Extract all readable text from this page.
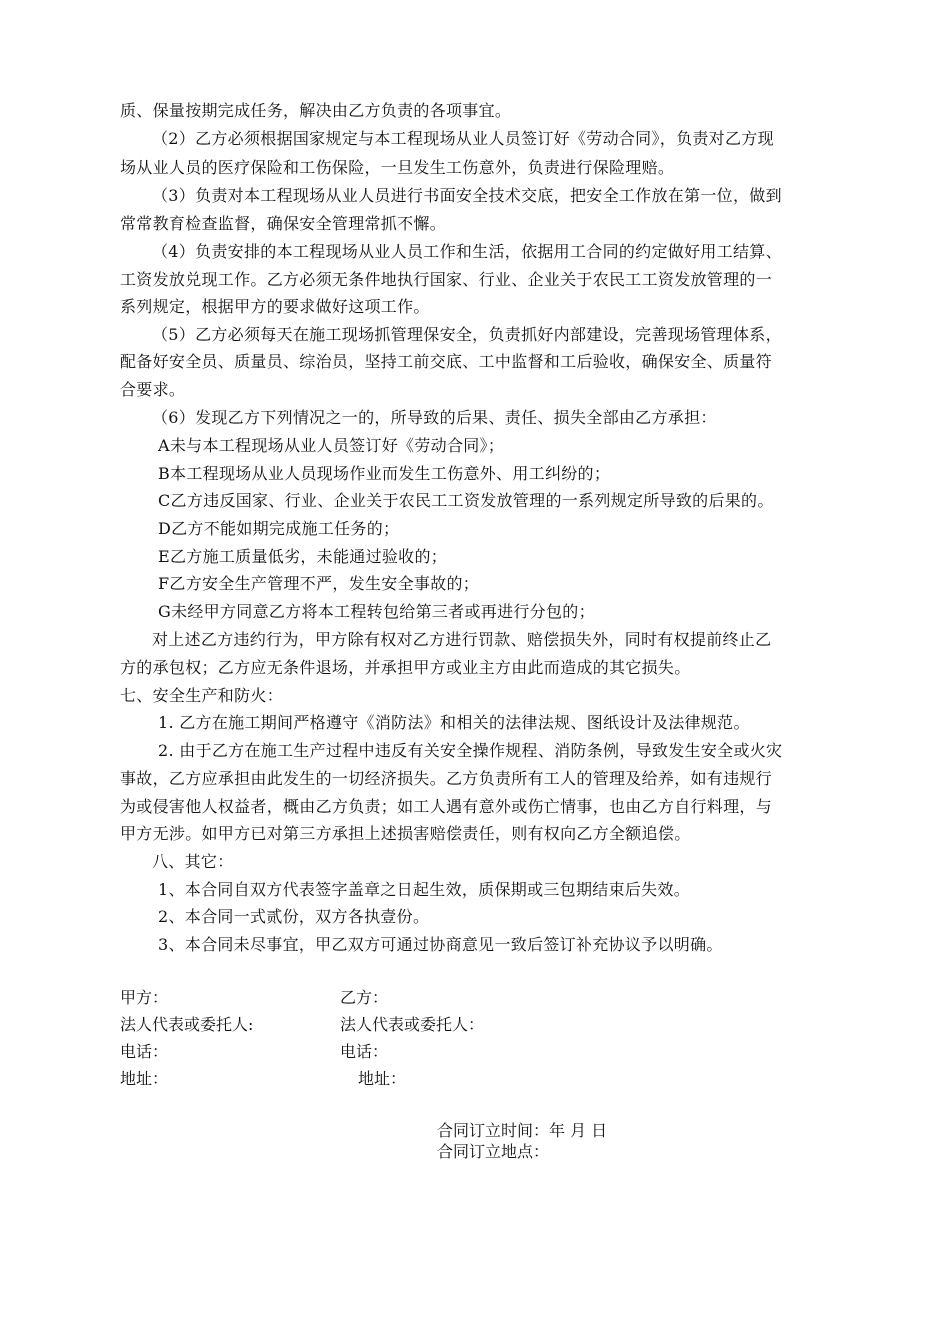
质、保量按期完成任务，解决由乙方负责的各项事宜。
（2）乙方必须根据国家规定与本工程现场从业人员签订好《劳动合同》，负责对乙方现
场从业人员的医疗保险和工伤保险，一旦发生工伤意外，负责进行保险理赔。
（3）负责对本工程现场从业人员进行书面安全技术交底，把安全工作放在第一位，做到
常常教育检查监督，确保安全管理常抓不懈。
（4）负责安排的本工程现场从业人员工作和生活，依据用工合同的约定做好用工结算、
工资发放兑现工作。乙方必须无条件地执行国家、行业、企业关于农民工工资发放管理的一
系列规定，根据甲方的要求做好这项工作。
（5）乙方必须每天在施工现场抓管理保安全，负责抓好内部建设，完善现场管理体系，
配备好安全员、质量员、综治员，坚持工前交底、工中监督和工后验收，确保安全、质量符
合要求。
（6）发现乙方下列情况之一的，所导致的后果、责任、损失全部由乙方承担：
A未与本工程现场从业人员签订好《劳动合同》；
B本工程现场从业人员现场作业而发生工伤意外、用工纠纷的；
C乙方违反国家、行业、企业关于农民工工资发放管理的一系列规定所导致的后果的。
D乙方不能如期完成施工任务的；
E乙方施工质量低劣，未能通过验收的；
F乙方安全生产管理不严，发生安全事故的；
G未经甲方同意乙方将本工程转包给第三者或再进行分包的；
对上述乙方违约行为，甲方除有权对乙方进行罚款、赔偿损失外，同时有权提前终止乙
方的承包权；乙方应无条件退场，并承担甲方或业主方由此而造成的其它损失。
七、安全生产和防火：
1. 乙方在施工期间严格遵守《消防法》和相关的法律法规、图纸设计及法律规范。
2. 由于乙方在施工生产过程中违反有关安全操作规程、消防条例，导致发生安全或火灾
事故，乙方应承担由此发生的一切经济损失。乙方负责所有工人的管理及给养，如有违规行
为或侵害他人权益者，概由乙方负责；如工人遇有意外或伤亡情事，也由乙方自行料理，与
甲方无涉。如甲方已对第三方承担上述损害赔偿责任，则有权向乙方全额追偿。
八、其它：
1、本合同自双方代表签字盖章之日起生效，质保期或三包期结束后失效。
2、本合同一式贰份，双方各执壹份。
3、本合同未尽事宜，甲乙双方可通过协商意见一致后签订补充协议予以明确。
甲方：
法人代表或委托人:
电话：
地址：
乙方：
法人代表或委托人：
电话：
地址：
合同订立时间：年 月 日
合同订立地点：
